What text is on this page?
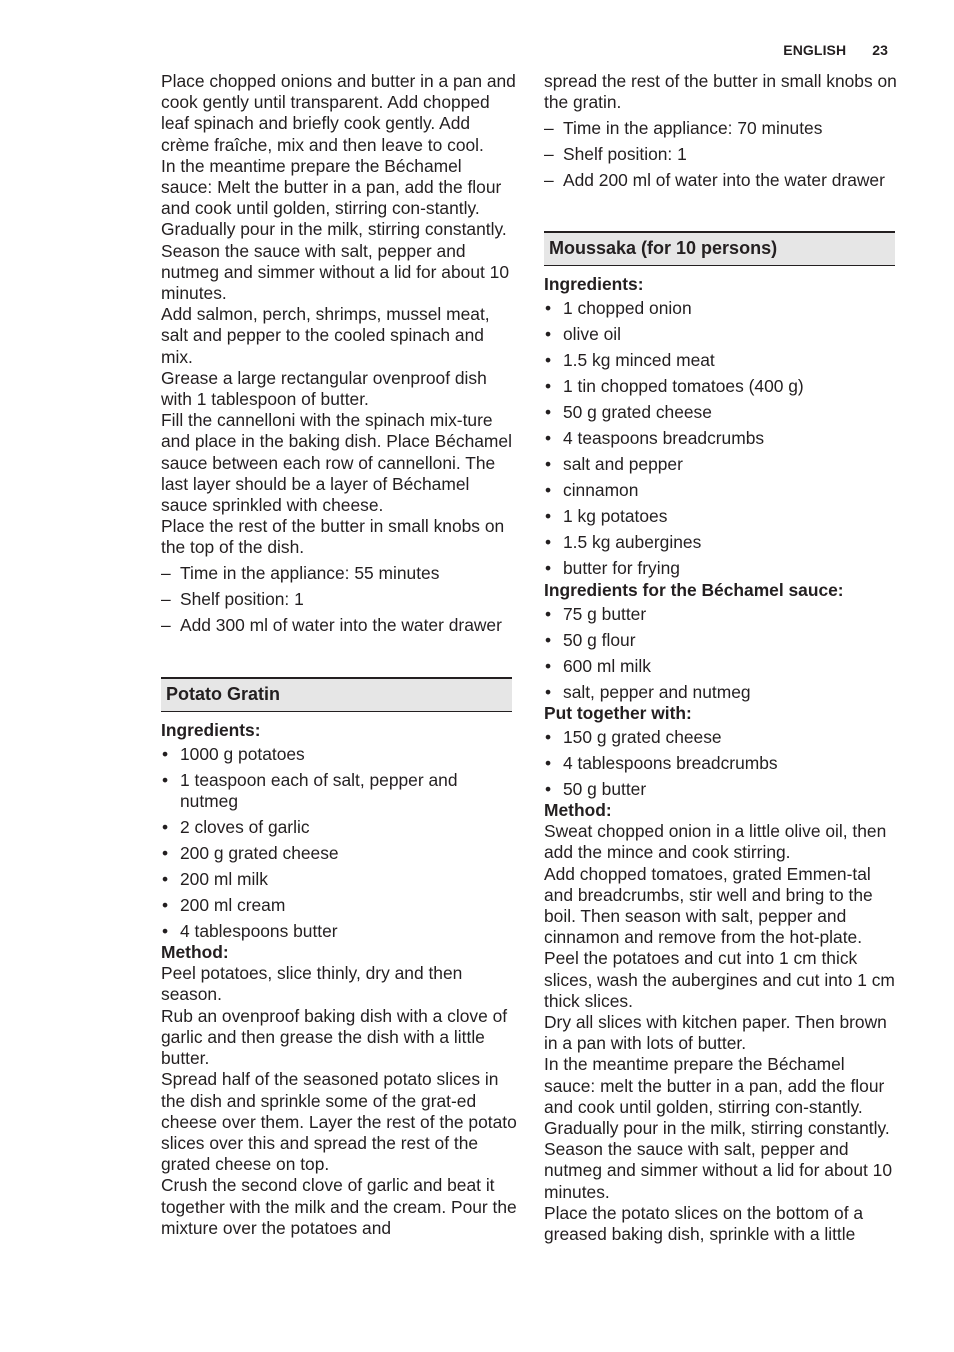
ENGLISH 23

Place chopped onions and butter in a pan and cook gently until transparent. Add chopped leaf spinach and briefly cook gently. Add crème fraîche, mix and then leave to cool.

In the meantime prepare the Béchamel sauce: Melt the butter in a pan, add the flour and cook until golden, stirring con-stantly. Gradually pour in the milk, stirring constantly. Season the sauce with salt, pepper and nutmeg and simmer without a lid for about 10 minutes.

Add salmon, perch, shrimps, mussel meat, salt and pepper to the cooled spinach and mix.

Grease a large rectangular ovenproof dish with 1 tablespoon of butter.

Fill the cannelloni with the spinach mix-ture and place in the baking dish. Place Béchamel sauce between each row of cannelloni. The last layer should be a layer of Béchamel sauce sprinkled with cheese.

Place the rest of the butter in small knobs on the top of the dish.

– Time in the appliance: 55 minutes
– Shelf position: 1
– Add 300 ml of water into the water drawer
Potato Gratin
Ingredients:
• 1000 g potatoes
• 1 teaspoon each of salt, pepper and nutmeg
• 2 cloves of garlic
• 200 g grated cheese
• 200 ml milk
• 200 ml cream
• 4 tablespoons butter
Method:

Peel potatoes, slice thinly, dry and then season.

Rub an ovenproof baking dish with a clove of garlic and then grease the dish with a little butter.

Spread half of the seasoned potato slices in the dish and sprinkle some of the grat-ed cheese over them. Layer the rest of the potato slices over this and spread the rest of the grated cheese on top.

Crush the second clove of garlic and beat it together with the milk and the cream. Pour the mixture over the potatoes and

spread the rest of the butter in small knobs on the gratin.

– Time in the appliance: 70 minutes
– Shelf position: 1
– Add 200 ml of water into the water drawer
Moussaka (for 10 persons)
Ingredients:
• 1 chopped onion
• olive oil
• 1.5 kg minced meat
• 1 tin chopped tomatoes (400 g)
• 50 g grated cheese
• 4 teaspoons breadcrumbs
• salt and pepper
• cinnamon
• 1 kg potatoes
• 1.5 kg aubergines
• butter for frying
Ingredients for the Béchamel sauce:
• 75 g butter
• 50 g flour
• 600 ml milk
• salt, pepper and nutmeg
Put together with:
• 150 g grated cheese
• 4 tablespoons breadcrumbs
• 50 g butter
Method:

Sweat chopped onion in a little olive oil, then add the mince and cook stirring.

Add chopped tomatoes, grated Emmen-tal and breadcrumbs, stir well and bring to the boil. Then season with salt, pepper and cinnamon and remove from the hot-plate.

Peel the potatoes and cut into 1 cm thick slices, wash the aubergines and cut into 1 cm thick slices.

Dry all slices with kitchen paper. Then brown in a pan with lots of butter.

In the meantime prepare the Béchamel sauce: melt the butter in a pan, add the flour and cook until golden, stirring con-stantly. Gradually pour in the milk, stirring constantly. Season the sauce with salt, pepper and nutmeg and simmer without a lid for about 10 minutes.

Place the potato slices on the bottom of a greased baking dish, sprinkle with a little
